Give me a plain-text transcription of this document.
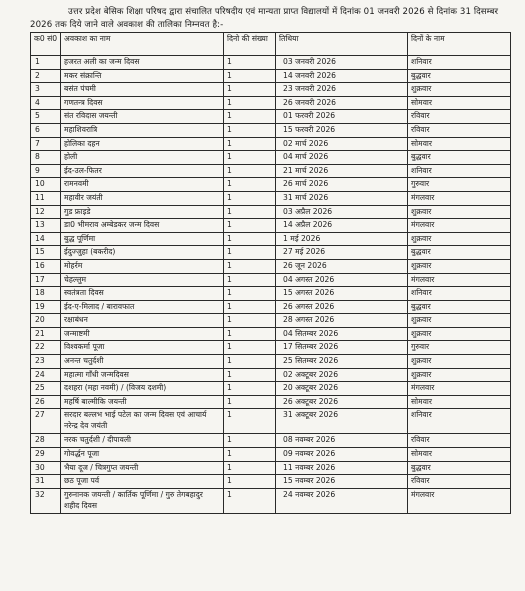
उत्तर प्रदेश बेसिक शिक्षा परिषद द्वारा संचालित परिषदीय एवं मान्यता प्राप्त विद्यालयों में दिनांक 01 जनवरी 2026 से दिनांक 31 दिसम्बर 2026 तक दिये जाने वाले अवकाश की तालिका निम्नवत है:-
क0 सं0	अवकाश का नाम	दिनो की संख्या	तिथिया	दिनों के नाम
1	हजरत अली का जन्म दिवस	1	03 जनवरी 2026	शनिवार
2	मकर संक्रान्ति	1	14 जनवरी 2026	बुद्धवार
3	बसंत पंचमी	1	23 जनवरी 2026	शुक्रवार
4	गणतन्त्र दिवस	1	26 जनवरी 2026	सोमवार
5	संत रविदास जयन्ती	1	01 फरवरी 2026	रविवार
6	महाशिवरात्रि	1	15 फरवरी 2026	रविवार
7	होलिका दहन	1	02 मार्च 2026	सोमवार
8	होली	1	04 मार्च 2026	बुद्धवार
9	ईद-उल-फितर	1	21 मार्च 2026	शनिवार
10	रामनवमी	1	26 मार्च 2026	गुरुवार
11	महावीर जयंती	1	31 मार्च 2026	मंगलवार
12	गुड फ्राइडे	1	03 अप्रैल 2026	शुक्रवार
13	डा0 भीमराव अम्बेडकर जन्म दिवस	1	14 अप्रैल 2026	मंगलवार
14	बुद्ध पूर्णिमा	1	1 मई 2026	शुक्रवार
15	ईदुज्जुहा (बकरीद)	1	27 मई 2026	बुद्धवार
16	मोहर्रम	1	26 जून 2026	शुक्रवार
17	चेहल्लुम	1	04 अगस्त 2026	मंगलवार
18	स्वतंत्रता दिवस	1	15 अगस्त 2026	शनिवार
19	ईद-ए-मिलाद / बारावफात	1	26 अगस्त 2026	बुद्धवार
20	रक्षाबंधन	1	28 अगस्त 2026	शुक्रवार
21	जन्माष्टमी	1	04 सितम्बर 2026	शुक्रवार
22	विश्वकर्मा पूजा	1	17 सितम्बर 2026	गुरुवार
23	अनन्त चतुर्दशी	1	25 सितम्बर 2026	शुक्रवार
24	महात्मा गाँधी जन्मदिवस	1	02 अक्टूबर 2026	शुक्रवार
25	दशहरा (महा नवमी) / (विजय दशमी)	1	20 अक्टूबर 2026	मंगलवार
26	महर्षि बाल्मीकि जयन्ती	1	26 अक्टूबर 2026	सोमवार
27	सरदार बल्लभ भाई पटेल का जन्म दिवस एवं आचार्य नरेन्द्र देव जयंती	1	31 अक्टूबर 2026	शनिवार
28	नरक चतुर्दशी / दीपावली	1	08 नवम्बर 2026	रविवार
29	गोवर्द्धन पूजा	1	09 नवम्बर 2026	सोमवार
30	भैया दूज / चित्रगुप्त जयन्ती	1	11 नवम्बर 2026	बुद्धवार
31	छठ पूजा पर्व	1	15 नवम्बर 2026	रविवार
32	गुरुनानक जयन्ती / कार्तिक पूर्णिमा / गुरु तेगबहादुर शहीद दिवस	1	24 नवम्बर 2026	मंगलवार
